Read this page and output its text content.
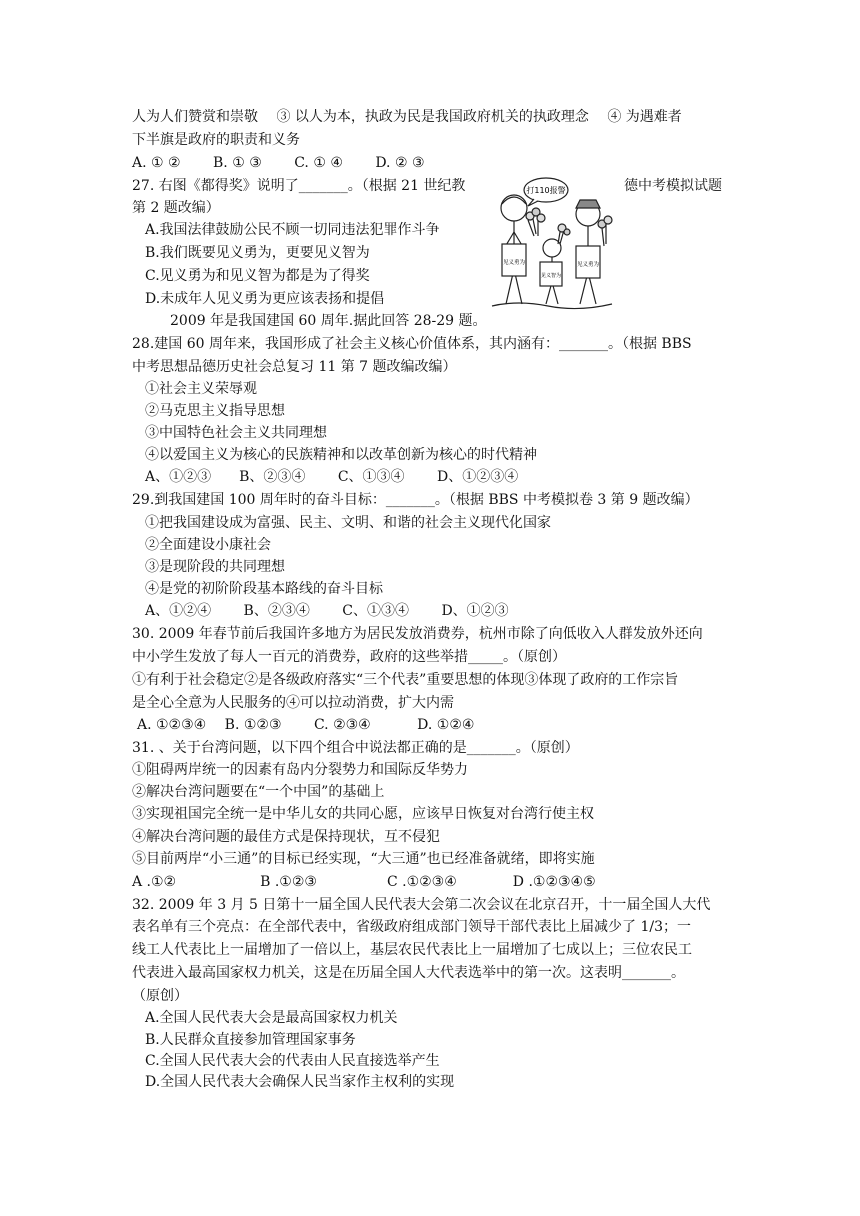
人为人们赞赏和崇敬　 ③ 以人为本，执政为民是我国政府机关的执政理念　 ④ 为遇难者
下半旗是政府的职责和义务
A. ① ②　　 B. ① ③　　 C. ① ④　　 D. ② ③
27. 右图《都得奖》说明了_______。（根据 21 世纪教	德中考模拟试题
第 2 题改编）
A.我国法律鼓励公民不顾一切同违法犯罪作斗争
B.我们既要见义勇为，更要见义智为
C.见义勇为和见义智为都是为了得奖
D.未成年人见义勇为更应该表扬和提倡
2009 年是我国建国 60 周年.据此回答 28-29 题。
28.建国 60 周年来，我国形成了社会主义核心价值体系，其内涵有：_______。（根据 BBS
中考思想品德历史社会总复习 11 第 7 题改编改编）
①社会主义荣辱观
②马克思主义指导思想
③中国特色社会主义共同理想
④以爱国主义为核心的民族精神和以改革创新为核心的时代精神
A、①②③　　B、②③④　　 C、①③④　　 D、①②③④
29.到我国建国 100 周年时的奋斗目标：_______。（根据 BBS 中考模拟卷 3 第 9 题改编）
①把我国建设成为富强、民主、文明、和谐的社会主义现代化国家
②全面建设小康社会
③是现阶段的共同理想
④是党的初阶阶段基本路线的奋斗目标
A、①②④　　 B、②③④　　 C、①③④　　 D、①②③
30. 2009 年春节前后我国许多地方为居民发放消费券，杭州市除了向低收入人群发放外还向
中小学生发放了每人一百元的消费券，政府的这些举措_____。（原创）
①有利于社会稳定②是各级政府落实“三个代表”重要思想的体现③体现了政府的工作宗旨
是全心全意为人民服务的④可以拉动消费，扩大内需
A. ①②③④　 B. ①②③　　 C. ②③④　　　 D. ①②④
31. 、关于台湾问题，以下四个组合中说法都正确的是_______。（原创）
①阻碍两岸统一的因素有岛内分裂势力和国际反华势力
②解决台湾问题要在“一个中国”的基础上
③实现祖国完全统一是中华儿女的共同心愿，应该早日恢复对台湾行使主权
④解决台湾问题的最佳方式是保持现状，互不侵犯
⑤目前两岸“小三通”的目标已经实现，“大三通”也已经准备就绪，即将实施
A .①②　　　　　　B .①②③　　　　　C .①②③④　　　　D .①②③④⑤
32. 2009 年 3 月 5 日第十一届全国人民代表大会第二次会议在北京召开，十一届全国人大代
表名单有三个亮点：在全部代表中，省级政府组成部门领导干部代表比上届减少了 1/3；一
线工人代表比上一届增加了一倍以上，基层农民代表比上一届增加了七成以上；三位农民工
代表进入最高国家权力机关，这是在历届全国人大代表选举中的第一次。这表明_______。
（原创）
A.全国人民代表大会是最高国家权力机关
B.人民群众直接参加管理国家事务
C.全国人民代表大会的代表由人民直接选举产生
D.全国人民代表大会确保人民当家作主权利的实现
打110报警
见义勇为
见义智为
见义勇为
